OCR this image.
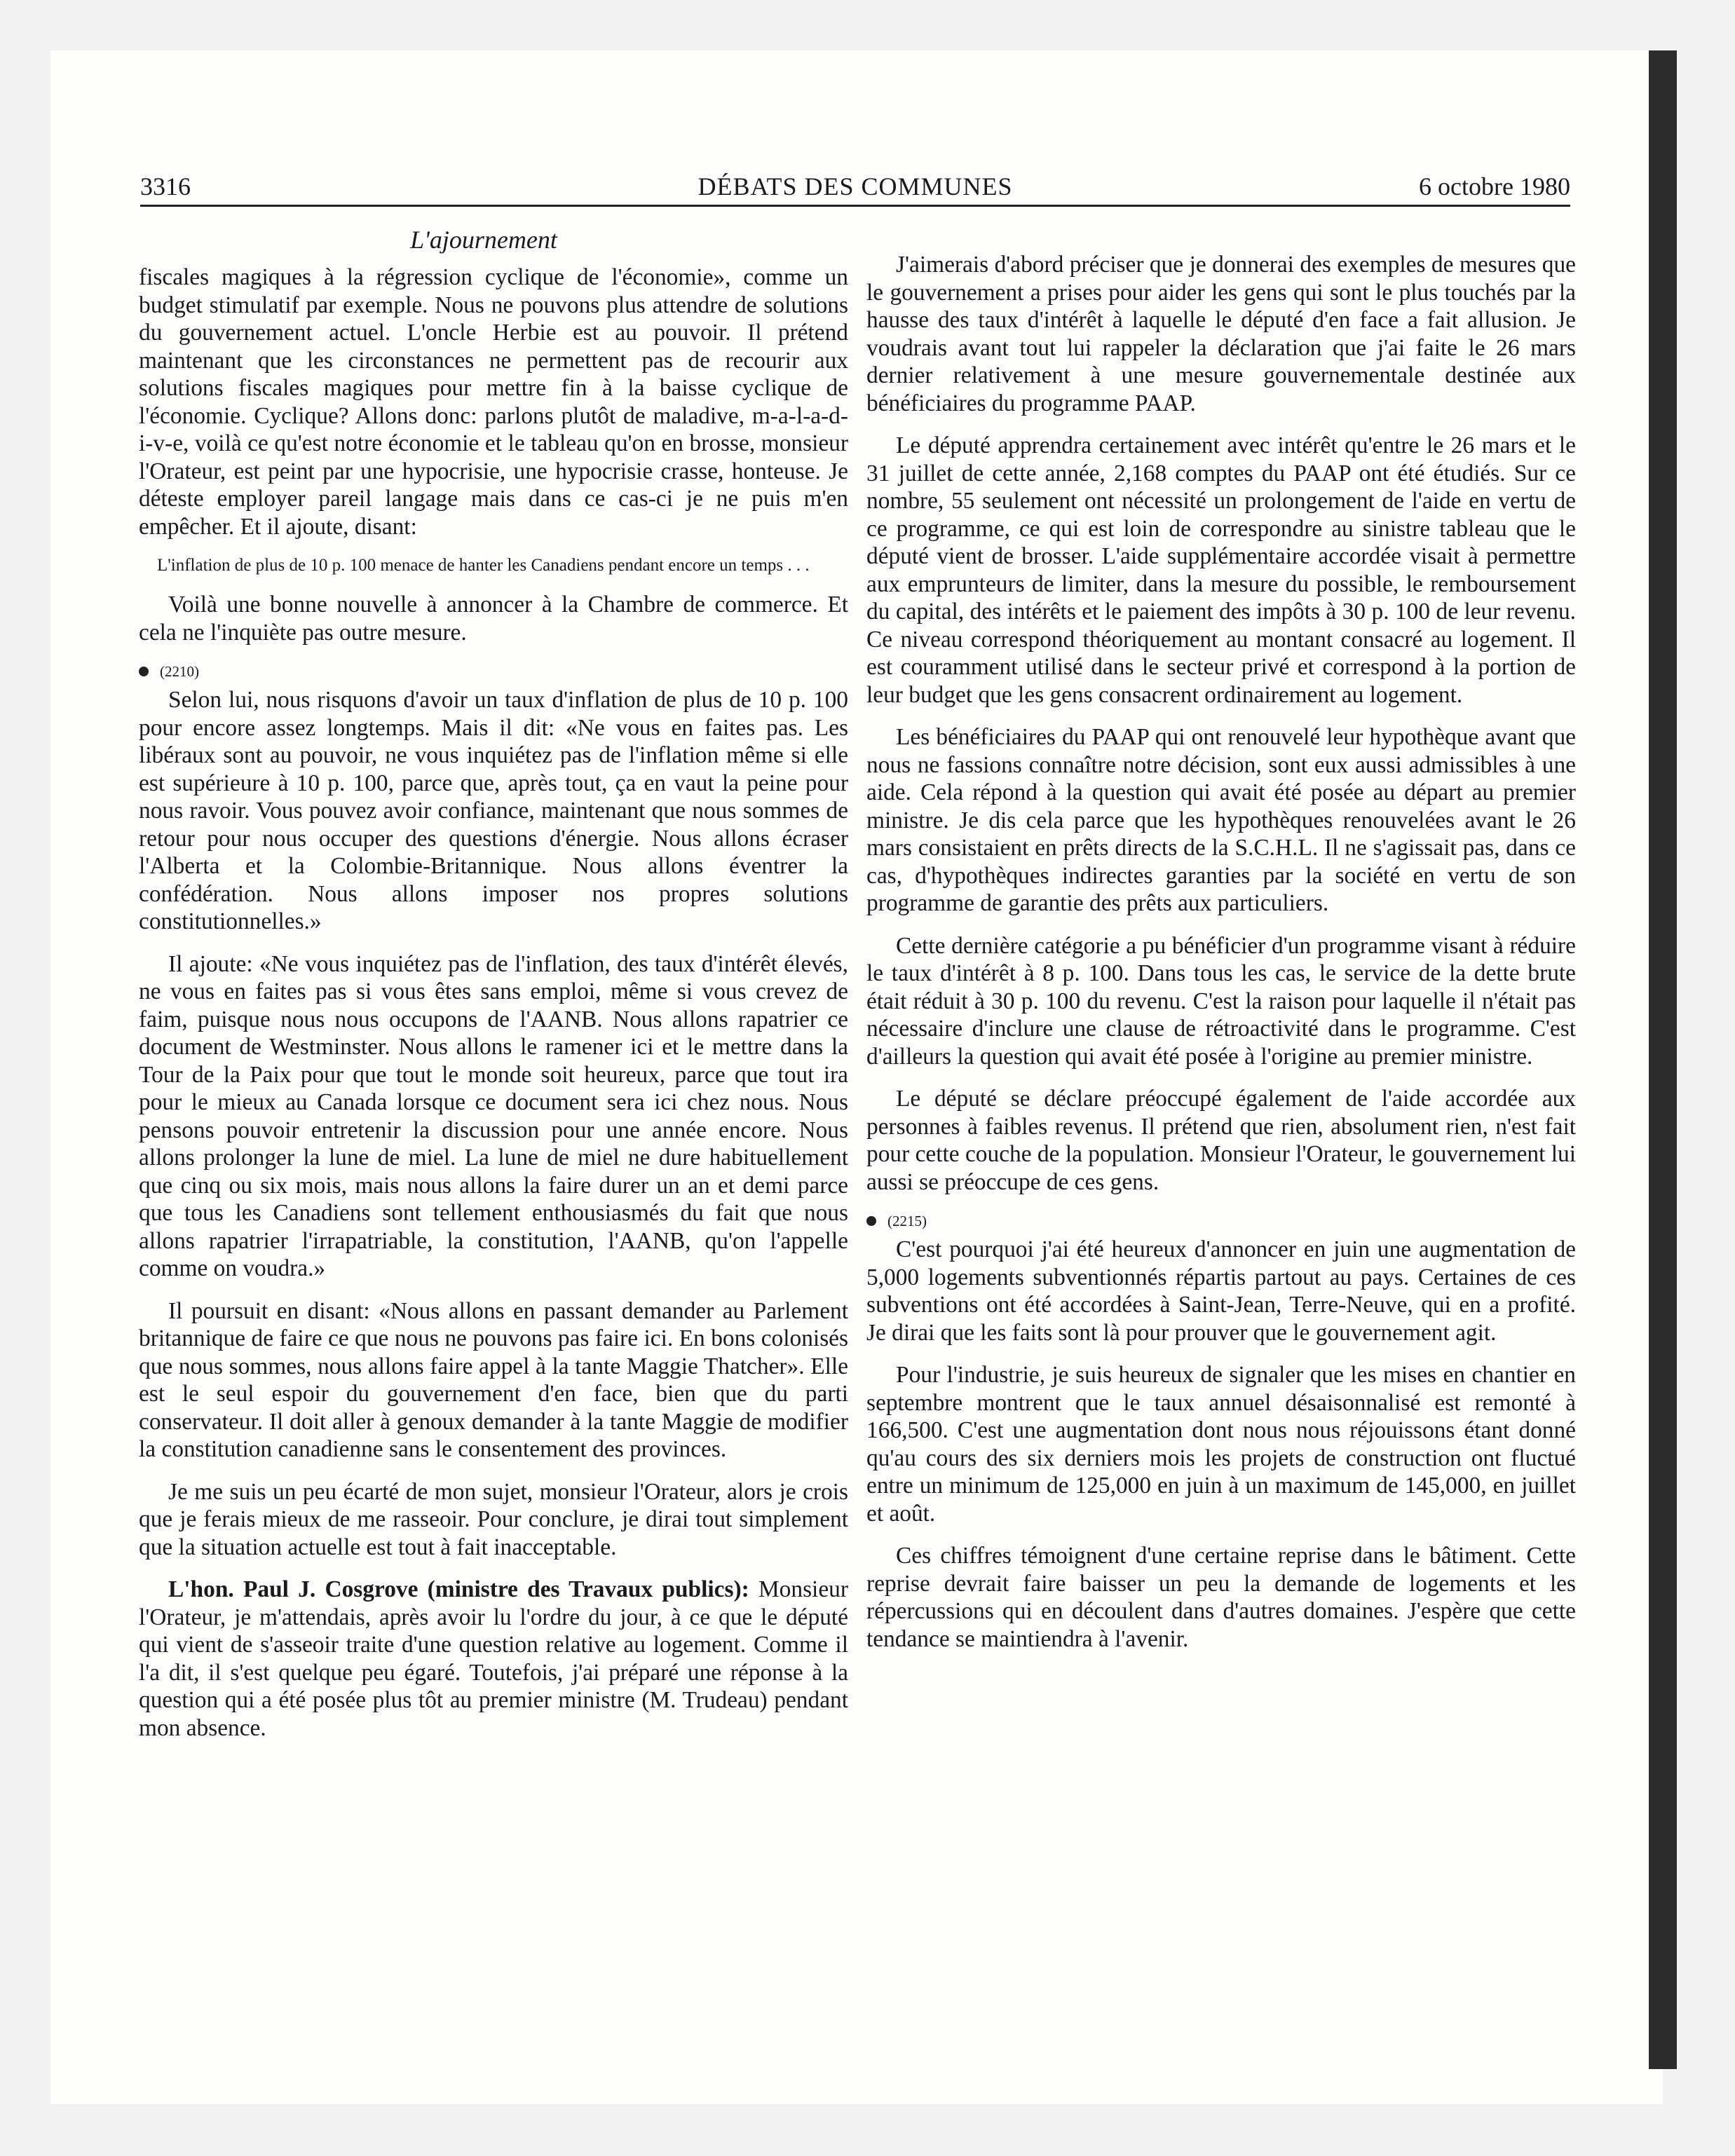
3316	DÉBATS DES COMMUNES	6 octobre 1980
L'ajournement

fiscales magiques à la régression cyclique de l'économie», comme un budget stimulatif par exemple. Nous ne pouvons plus attendre de solutions du gouvernement actuel. L'oncle Herbie est au pouvoir. Il prétend maintenant que les circonstances ne permettent pas de recourir aux solutions fiscales magiques pour mettre fin à la baisse cyclique de l'économie. Cyclique? Allons donc: parlons plutôt de maladive, m-a-l-a-d-i-v-e, voilà ce qu'est notre économie et le tableau qu'on en brosse, monsieur l'Orateur, est peint par une hypocrisie, une hypocrisie crasse, honteuse. Je déteste employer pareil langage mais dans ce cas-ci je ne puis m'en empêcher. Et il ajoute, disant:

L'inflation de plus de 10 p. 100 menace de hanter les Canadiens pendant encore un temps . . .

Voilà une bonne nouvelle à annoncer à la Chambre de commerce. Et cela ne l'inquiète pas outre mesure.

(2210)

Selon lui, nous risquons d'avoir un taux d'inflation de plus de 10 p. 100 pour encore assez longtemps. Mais il dit: «Ne vous en faites pas. Les libéraux sont au pouvoir, ne vous inquiétez pas de l'inflation même si elle est supérieure à 10 p. 100, parce que, après tout, ça en vaut la peine pour nous ravoir. Vous pouvez avoir confiance, maintenant que nous sommes de retour pour nous occuper des questions d'énergie. Nous allons écraser l'Alberta et la Colombie-Britannique. Nous allons éventrer la confédération. Nous allons imposer nos propres solutions constitutionnelles.»

Il ajoute: «Ne vous inquiétez pas de l'inflation, des taux d'intérêt élevés, ne vous en faites pas si vous êtes sans emploi, même si vous crevez de faim, puisque nous nous occupons de l'AANB. Nous allons rapatrier ce document de Westminster. Nous allons le ramener ici et le mettre dans la Tour de la Paix pour que tout le monde soit heureux, parce que tout ira pour le mieux au Canada lorsque ce document sera ici chez nous. Nous pensons pouvoir entretenir la discussion pour une année encore. Nous allons prolonger la lune de miel. La lune de miel ne dure habituellement que cinq ou six mois, mais nous allons la faire durer un an et demi parce que tous les Canadiens sont tellement enthousiasmés du fait que nous allons rapatrier l'irrapatriable, la constitution, l'AANB, qu'on l'appelle comme on voudra.»

Il poursuit en disant: «Nous allons en passant demander au Parlement britannique de faire ce que nous ne pouvons pas faire ici. En bons colonisés que nous sommes, nous allons faire appel à la tante Maggie Thatcher». Elle est le seul espoir du gouvernement d'en face, bien que du parti conservateur. Il doit aller à genoux demander à la tante Maggie de modifier la constitution canadienne sans le consentement des provinces.

Je me suis un peu écarté de mon sujet, monsieur l'Orateur, alors je crois que je ferais mieux de me rasseoir. Pour conclure, je dirai tout simplement que la situation actuelle est tout à fait inacceptable.

L'hon. Paul J. Cosgrove (ministre des Travaux publics): Monsieur l'Orateur, je m'attendais, après avoir lu l'ordre du jour, à ce que le député qui vient de s'asseoir traite d'une question relative au logement. Comme il l'a dit, il s'est quelque peu égaré. Toutefois, j'ai préparé une réponse à la question qui a été posée plus tôt au premier ministre (M. Trudeau) pendant mon absence.

J'aimerais d'abord préciser que je donnerai des exemples de mesures que le gouvernement a prises pour aider les gens qui sont le plus touchés par la hausse des taux d'intérêt à laquelle le député d'en face a fait allusion. Je voudrais avant tout lui rappeler la déclaration que j'ai faite le 26 mars dernier relativement à une mesure gouvernementale destinée aux bénéficiaires du programme PAAP.

Le député apprendra certainement avec intérêt qu'entre le 26 mars et le 31 juillet de cette année, 2,168 comptes du PAAP ont été étudiés. Sur ce nombre, 55 seulement ont nécessité un prolongement de l'aide en vertu de ce programme, ce qui est loin de correspondre au sinistre tableau que le député vient de brosser. L'aide supplémentaire accordée visait à permettre aux emprunteurs de limiter, dans la mesure du possible, le remboursement du capital, des intérêts et le paiement des impôts à 30 p. 100 de leur revenu. Ce niveau correspond théoriquement au montant consacré au logement. Il est couramment utilisé dans le secteur privé et correspond à la portion de leur budget que les gens consacrent ordinairement au logement.

Les bénéficiaires du PAAP qui ont renouvelé leur hypothèque avant que nous ne fassions connaître notre décision, sont eux aussi admissibles à une aide. Cela répond à la question qui avait été posée au départ au premier ministre. Je dis cela parce que les hypothèques renouvelées avant le 26 mars consistaient en prêts directs de la S.C.H.L. Il ne s'agissait pas, dans ce cas, d'hypothèques indirectes garanties par la société en vertu de son programme de garantie des prêts aux particuliers.

Cette dernière catégorie a pu bénéficier d'un programme visant à réduire le taux d'intérêt à 8 p. 100. Dans tous les cas, le service de la dette brute était réduit à 30 p. 100 du revenu. C'est la raison pour laquelle il n'était pas nécessaire d'inclure une clause de rétroactivité dans le programme. C'est d'ailleurs la question qui avait été posée à l'origine au premier ministre.

Le député se déclare préoccupé également de l'aide accordée aux personnes à faibles revenus. Il prétend que rien, absolument rien, n'est fait pour cette couche de la population. Monsieur l'Orateur, le gouvernement lui aussi se préoccupe de ces gens.

(2215)

C'est pourquoi j'ai été heureux d'annoncer en juin une augmentation de 5,000 logements subventionnés répartis partout au pays. Certaines de ces subventions ont été accordées à Saint-Jean, Terre-Neuve, qui en a profité. Je dirai que les faits sont là pour prouver que le gouvernement agit.

Pour l'industrie, je suis heureux de signaler que les mises en chantier en septembre montrent que le taux annuel désaisonnalisé est remonté à 166,500. C'est une augmentation dont nous nous réjouissons étant donné qu'au cours des six derniers mois les projets de construction ont fluctué entre un minimum de 125,000 en juin à un maximum de 145,000, en juillet et août.

Ces chiffres témoignent d'une certaine reprise dans le bâtiment. Cette reprise devrait faire baisser un peu la demande de logements et les répercussions qui en découlent dans d'autres domaines. J'espère que cette tendance se maintiendra à l'avenir.
